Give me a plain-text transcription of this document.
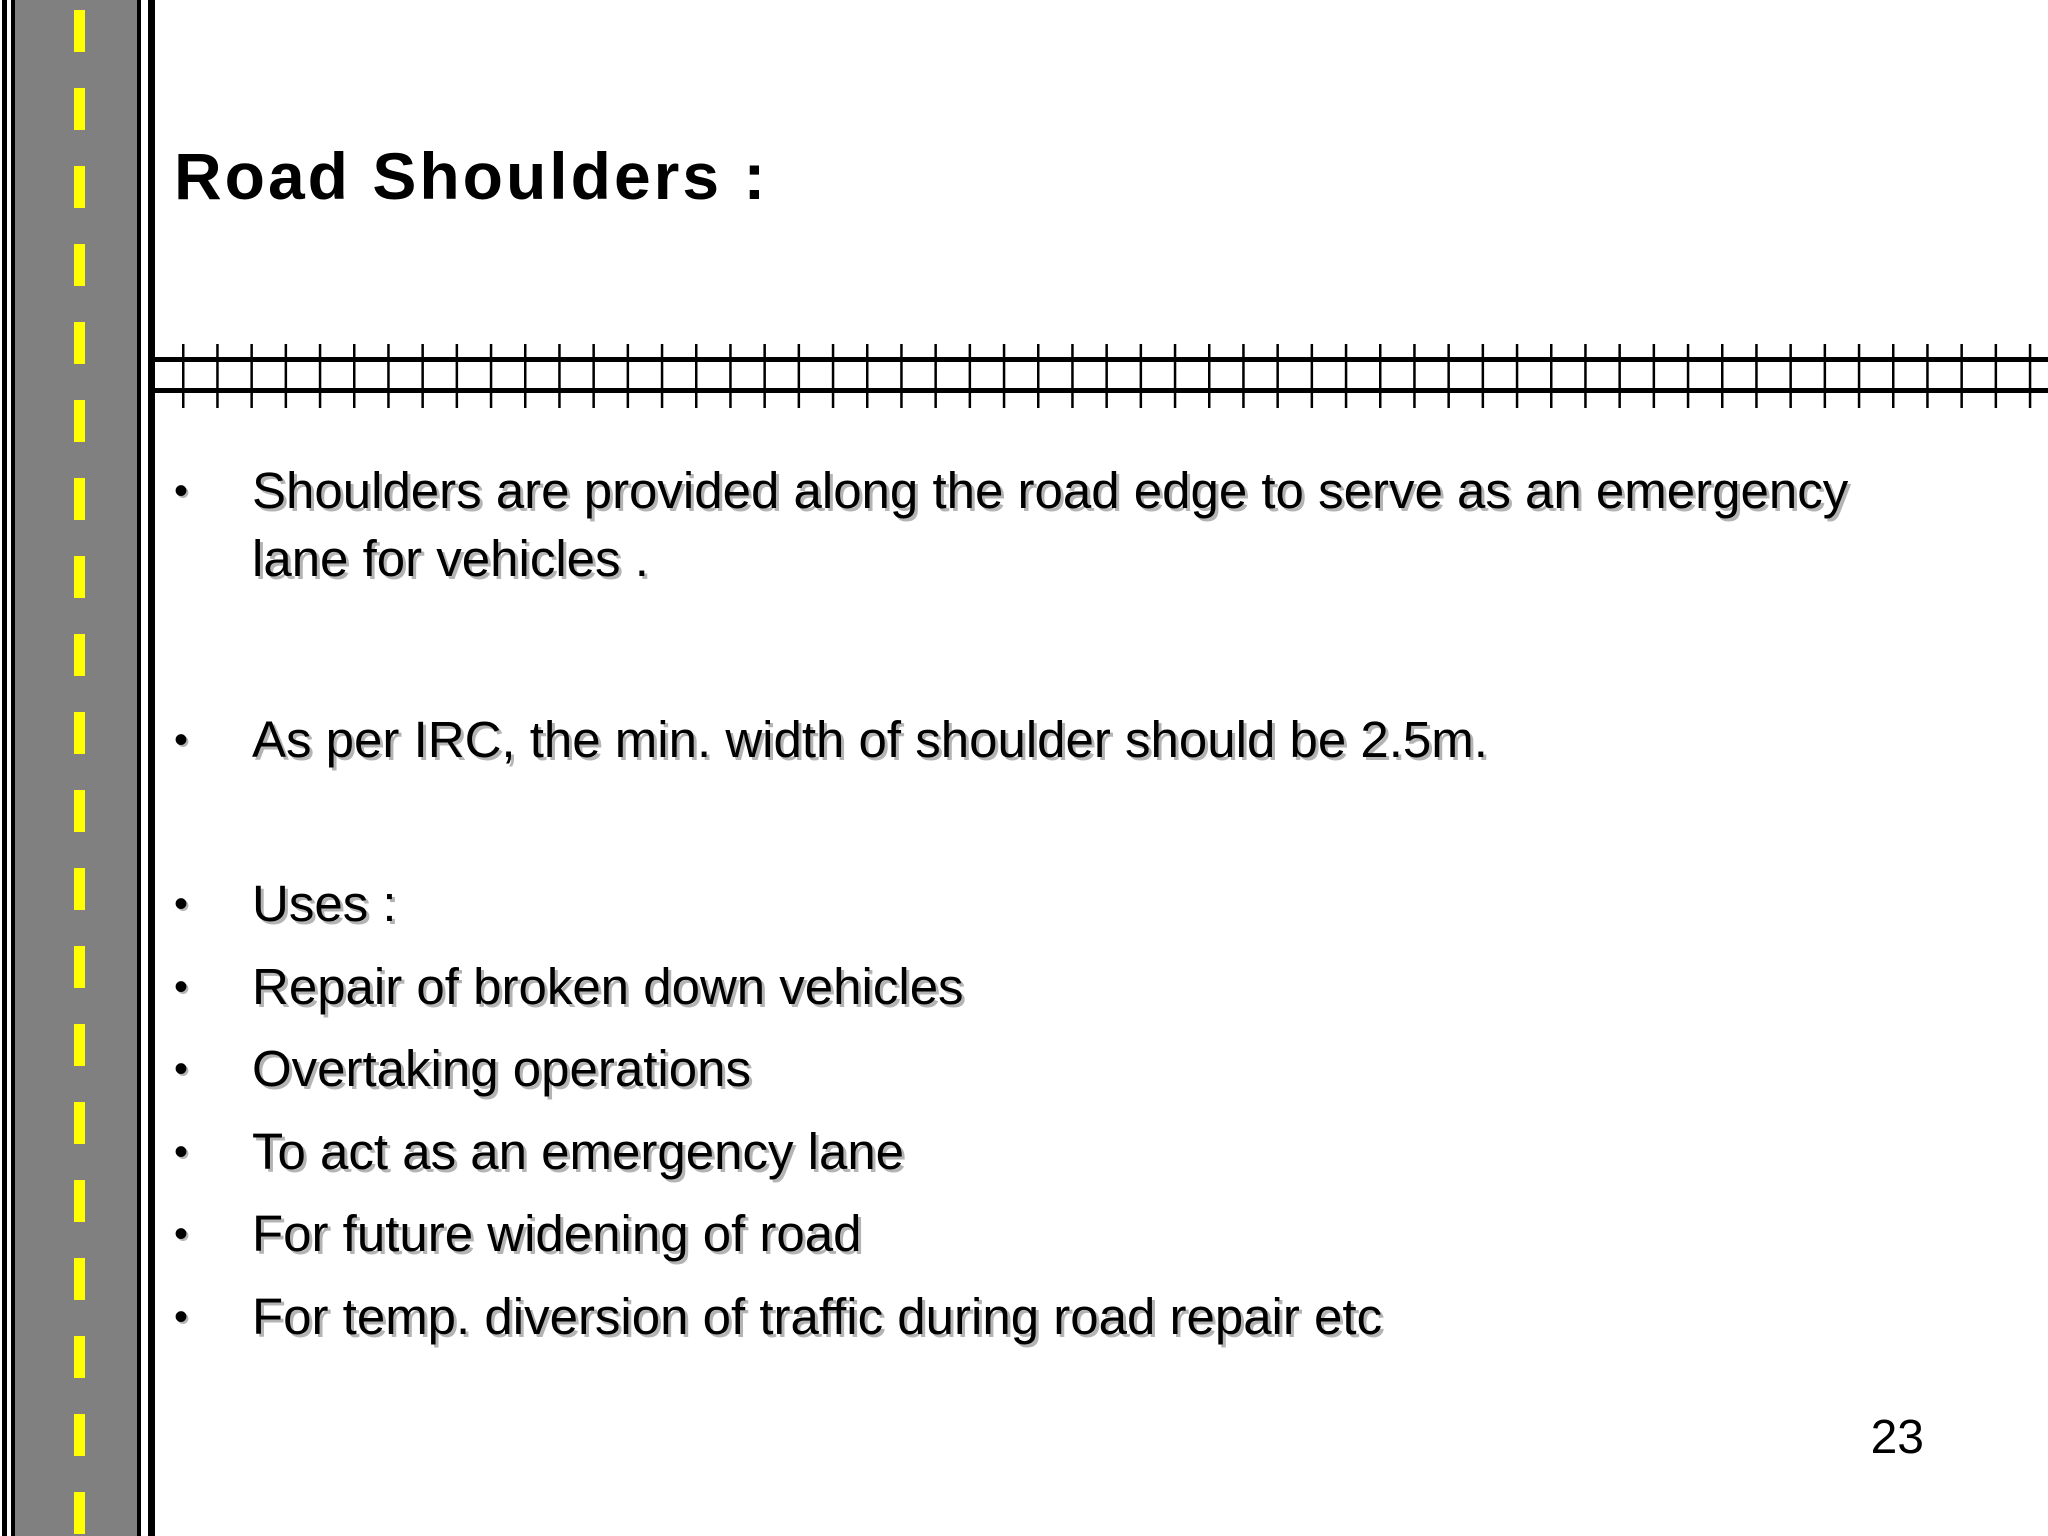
Road Shoulders :
•	Shoulders are provided along the road edge to serve as an emergency lane for vehicles .
•	As per IRC, the min. width of shoulder should be 2.5m.
•	Uses :
•	Repair of broken down vehicles
•	Overtaking operations
•	To act as an emergency lane
•	For future widening of road
•	For temp. diversion of traffic during road repair etc
23
